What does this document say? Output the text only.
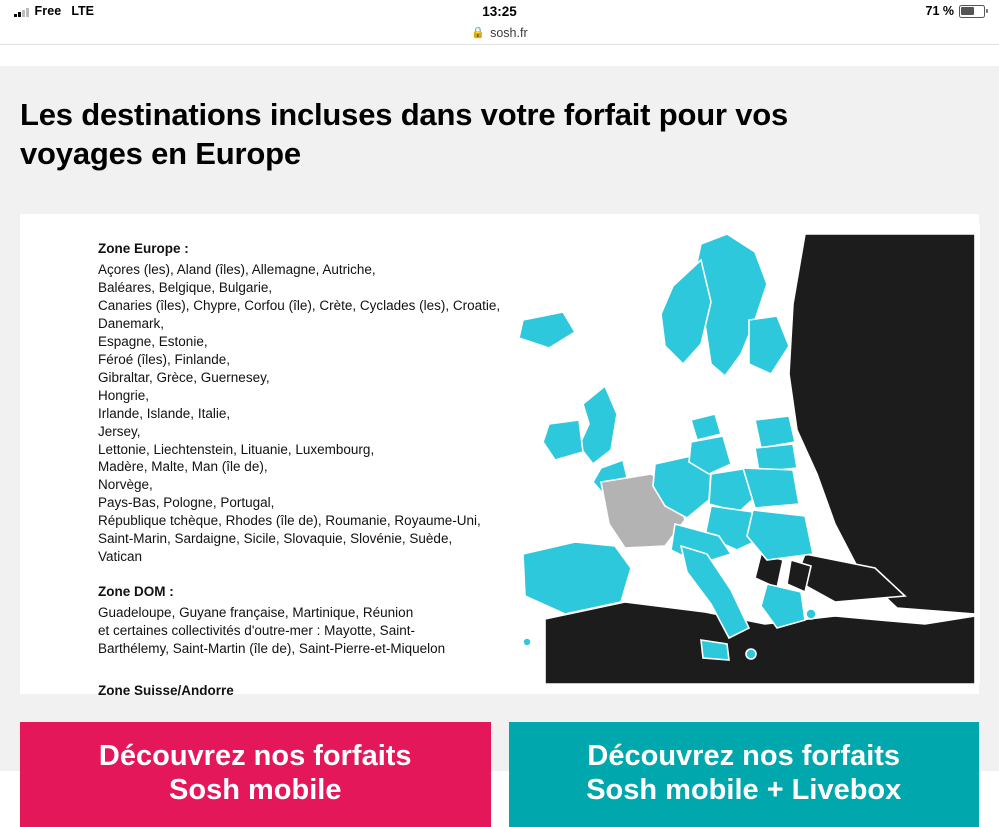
Free LTE	13:25	71 %
🔒 sosh.fr
Les destinations incluses dans votre forfait pour vos voyages en Europe
Zone Europe :

Açores (les), Aland (îles), Allemagne, Autriche,

Baléares, Belgique, Bulgarie,

Canaries (îles), Chypre, Corfou (île), Crète, Cyclades (les), Croatie,

Danemark,

Espagne, Estonie,

Féroé (îles), Finlande,

Gibraltar, Grèce, Guernesey,

Hongrie,

Irlande, Islande, Italie,

Jersey,

Lettonie, Liechtenstein, Lituanie, Luxembourg,

Madère, Malte, Man (île de),

Norvège,

Pays-Bas, Pologne, Portugal,

République tchèque, Rhodes (île de), Roumanie, Royaume-Uni,

Saint-Marin, Sardaigne, Sicile, Slovaquie, Slovénie, Suède,

Vatican

Zone DOM :

Guadeloupe, Guyane française, Martinique, Réunion

et certaines collectivités d'outre-mer : Mayotte, Saint-

Barthélemy, Saint-Martin (île de), Saint-Pierre-et-Miquelon

Zone Suisse/Andorre
Découvrez nos forfaits
Sosh mobile
Découvrez nos forfaits
Sosh mobile + Livebox
